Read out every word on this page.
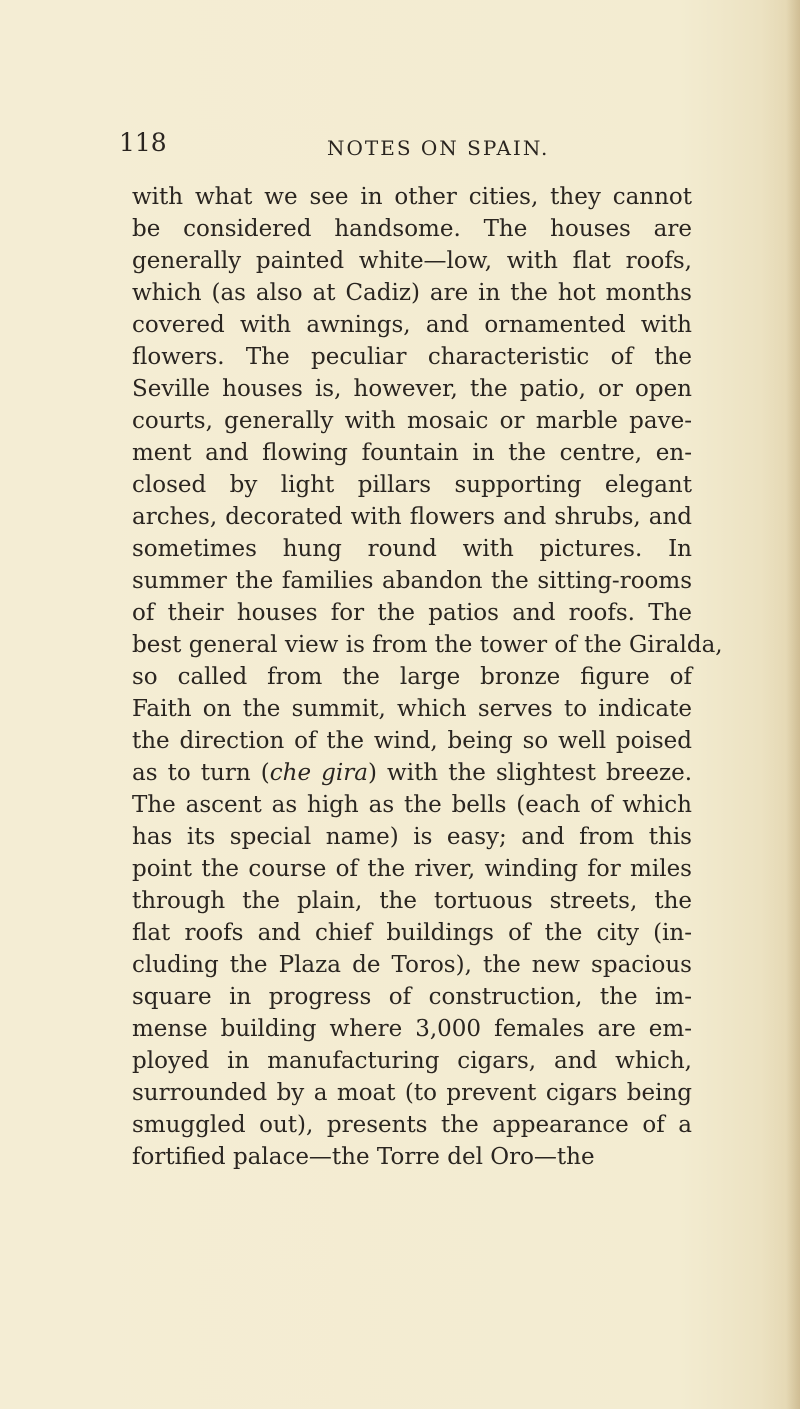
118	NOTES ON SPAIN.
with what we see in other cities, they cannot
be considered handsome. The houses are
generally painted white—low, with flat roofs,
which (as also at Cadiz) are in the hot months
covered with awnings, and ornamented with
flowers. The peculiar characteristic of the
Seville houses is, however, the patio, or open
courts, generally with mosaic or marble pave-
ment and flowing fountain in the centre, en-
closed by light pillars supporting elegant
arches, decorated with flowers and shrubs, and
sometimes hung round with pictures. In
summer the families abandon the sitting-rooms
of their houses for the patios and roofs. The
best general view is from the tower of the Giralda,
so called from the large bronze figure of
Faith on the summit, which serves to indicate
the direction of the wind, being so well poised
as to turn (che gira) with the slightest breeze.
The ascent as high as the bells (each of which
has its special name) is easy; and from this
point the course of the river, winding for miles
through the plain, the tortuous streets, the
flat roofs and chief buildings of the city (in-
cluding the Plaza de Toros), the new spacious
square in progress of construction, the im-
mense building where 3,000 females are em-
ployed in manufacturing cigars, and which,
surrounded by a moat (to prevent cigars being
smuggled out), presents the appearance of a
fortified palace—the Torre del Oro—the
